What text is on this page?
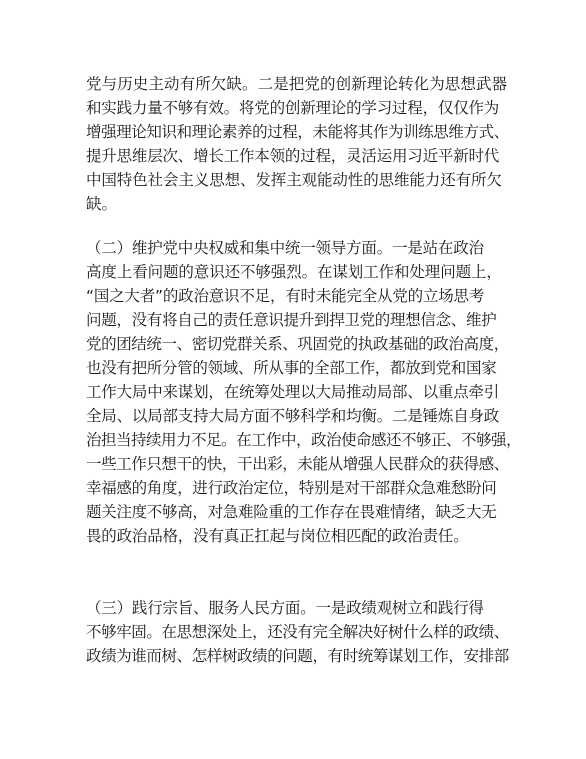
党与历史主动有所欠缺。二是把党的创新理论转化为思想武器
和实践力量不够有效。将党的创新理论的学习过程，仅仅作为
增强理论知识和理论素养的过程，未能将其作为训练思维方式、
提升思维层次、增长工作本领的过程，灵活运用习近平新时代
中国特色社会主义思想、发挥主观能动性的思维能力还有所欠
缺。
（二）维护党中央权威和集中统一领导方面。一是站在政治
高度上看问题的意识还不够强烈。在谋划工作和处理问题上，
“国之大者”的政治意识不足，有时未能完全从党的立场思考
问题，没有将自己的责任意识提升到捍卫党的理想信念、维护
党的团结统一、密切党群关系、巩固党的执政基础的政治高度，
也没有把所分管的领域、所从事的全部工作，都放到党和国家
工作大局中来谋划，在统筹处理以大局推动局部、以重点牵引
全局、以局部支持大局方面不够科学和均衡。二是锤炼自身政
治担当持续用力不足。在工作中，政治使命感还不够正、不够强，
一些工作只想干的快，干出彩，未能从增强人民群众的获得感、
幸福感的角度，进行政治定位，特别是对干部群众急难愁盼问
题关注度不够高，对急难险重的工作存在畏难情绪，缺乏大无
畏的政治品格，没有真正扛起与岗位相匹配的政治责任。
（三）践行宗旨、服务人民方面。一是政绩观树立和践行得
不够牢固。在思想深处上，还没有完全解决好树什么样的政绩、
政绩为谁而树、怎样树政绩的问题，有时统筹谋划工作，安排部
